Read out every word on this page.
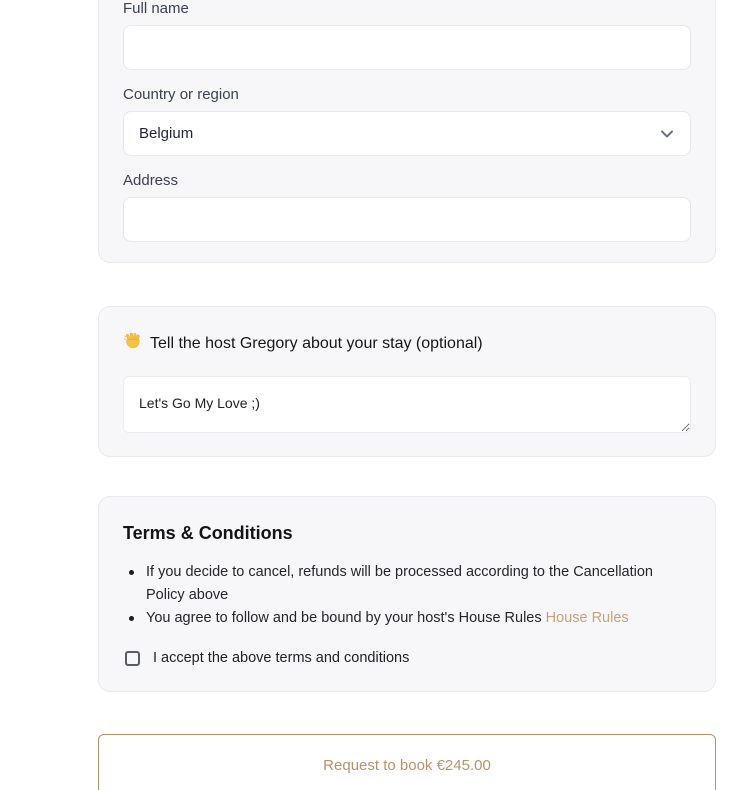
Full name
Country or region
Belgium
Address
Tell the host Gregory about your stay (optional)
Let's Go My Love ;)
Terms & Conditions
If you decide to cancel, refunds will be processed according to the Cancellation Policy above
You agree to follow and be bound by your host's House Rules House Rules
I accept the above terms and conditions
Request to book €245.00
